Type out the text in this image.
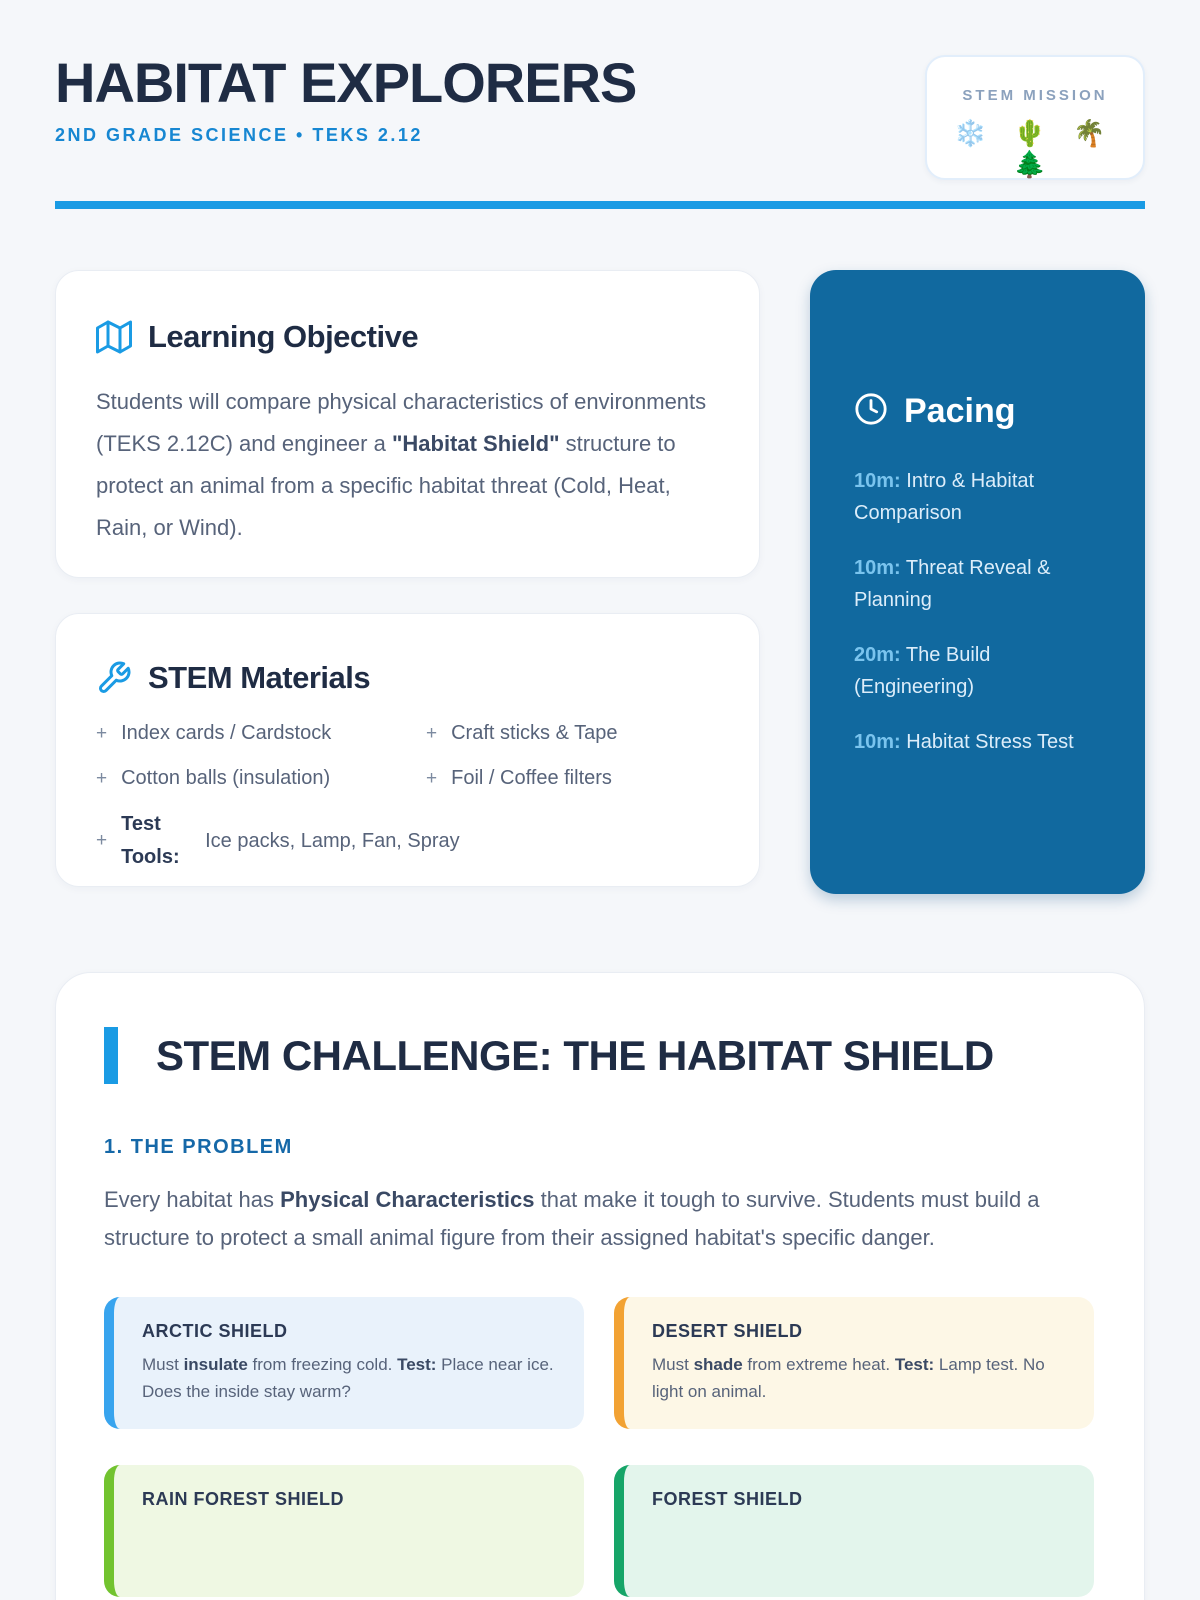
HABITAT EXPLORERS
2ND GRADE SCIENCE • TEKS 2.12
STEM MISSION
❄️ 🌵 🌴 🌲
Learning Objective

Students will compare physical characteristics of environments (TEKS 2.12C) and engineer a "Habitat Shield" structure to protect an animal from a specific habitat threat (Cold, Heat, Rain, or Wind).

STEM Materials
+ Index cards / Cardstock	+ Craft sticks & Tape
+ Cotton balls (insulation)	+ Foil / Coffee filters
+
Test Tools:
Ice packs, Lamp, Fan, Spray
Pacing
10m: Intro & Habitat Comparison
10m: Threat Reveal & Planning
20m: The Build (Engineering)
10m: Habitat Stress Test
STEM CHALLENGE: THE HABITAT SHIELD
1. THE PROBLEM

Every habitat has Physical Characteristics that make it tough to survive. Students must build a structure to protect a small animal figure from their assigned habitat's specific danger.

ARCTIC SHIELD
Must insulate from freezing cold. Test: Place near ice. Does the inside stay warm?
DESERT SHIELD
Must shade from extreme heat. Test: Lamp test. No light on animal.
RAIN FOREST SHIELD	FOREST SHIELD
